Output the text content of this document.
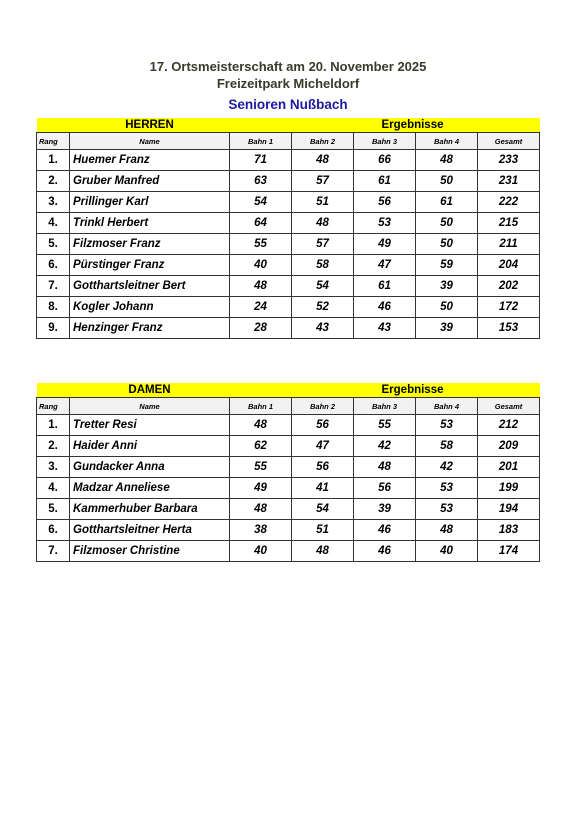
17. Ortsmeisterschaft am 20. November 2025
Freizeitpark Micheldorf
Senioren Nußbach
	HERREN			Ergebnisse		
Rang	Name	Bahn 1	Bahn 2	Bahn 3	Bahn 4	Gesamt
1.	Huemer Franz	71	48	66	48	233
2.	Gruber Manfred	63	57	61	50	231
3.	Prillinger Karl	54	51	56	61	222
4.	Trinkl Herbert	64	48	53	50	215
5.	Filzmoser Franz	55	57	49	50	211
6.	Pürstinger Franz	40	58	47	59	204
7.	Gotthartsleitner Bert	48	54	61	39	202
8.	Kogler Johann	24	52	46	50	172
9.	Henzinger Franz	28	43	43	39	153
	DAMEN			Ergebnisse		
Rang	Name	Bahn 1	Bahn 2	Bahn 3	Bahn 4	Gesamt
1.	Tretter Resi	48	56	55	53	212
2.	Haider Anni	62	47	42	58	209
3.	Gundacker Anna	55	56	48	42	201
4.	Madzar Anneliese	49	41	56	53	199
5.	Kammerhuber Barbara	48	54	39	53	194
6.	Gotthartsleitner Herta	38	51	46	48	183
7.	Filzmoser Christine	40	48	46	40	174
